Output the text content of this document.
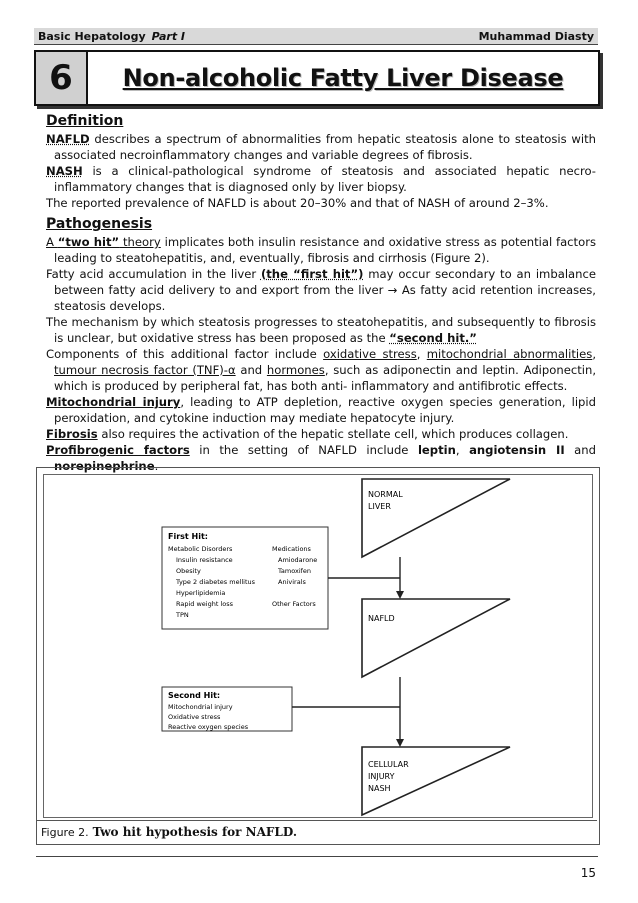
Basic Hepatology Part I	Muhammad Diasty
6	Non-alcoholic Fatty Liver Disease
Definition

NAFLD describes a spectrum of abnormalities from hepatic steatosis alone to steatosis with associated necroinflammatory changes and variable degrees of fibrosis.

NASH is a clinical-pathological syndrome of steatosis and associated hepatic necro-inflammatory changes that is diagnosed only by liver biopsy.

The reported prevalence of NAFLD is about 20–30% and that of NASH of around 2–3%.

Pathogenesis

A “two hit” theory implicates both insulin resistance and oxidative stress as potential factors leading to steatohepatitis, and, eventually, fibrosis and cirrhosis (Figure 2).

Fatty acid accumulation in the liver (the “first hit”) may occur secondary to an imbalance between fatty acid delivery to and export from the liver → As fatty acid retention increases, steatosis develops.

The mechanism by which steatosis progresses to steatohepatitis, and subsequently to fibrosis is unclear, but oxidative stress has been proposed as the “second hit.”

Components of this additional factor include oxidative stress, mitochondrial abnormalities, tumour necrosis factor (TNF)-α and hormones, such as adiponectin and leptin. Adiponectin, which is produced by peripheral fat, has both anti- inflammatory and antifibrotic effects.

Mitochondrial injury, leading to ATP depletion, reactive oxygen species generation, lipid peroxidation, and cytokine induction may mediate hepatocyte injury.

Fibrosis also requires the activation of the hepatic stellate cell, which produces collagen.

Profibrogenic factors in the setting of NAFLD include leptin, angiotensin II and norepinephrine.

First Hit:
Metabolic Disorders
Insulin resistance
Obesity
Type 2 diabetes mellitus
Hyperlipidemia
Rapid weight loss
TPN
Medications
Amiodarone
Tamoxifen
Anivirals
Other Factors
Second Hit:
Mitochondrial injury
Oxidative stress
Reactive oxygen species
NORMAL
LIVER
NAFLD
CELLULAR
INJURY
NASH
Figure 2. Two hit hypothesis for NAFLD.
15
